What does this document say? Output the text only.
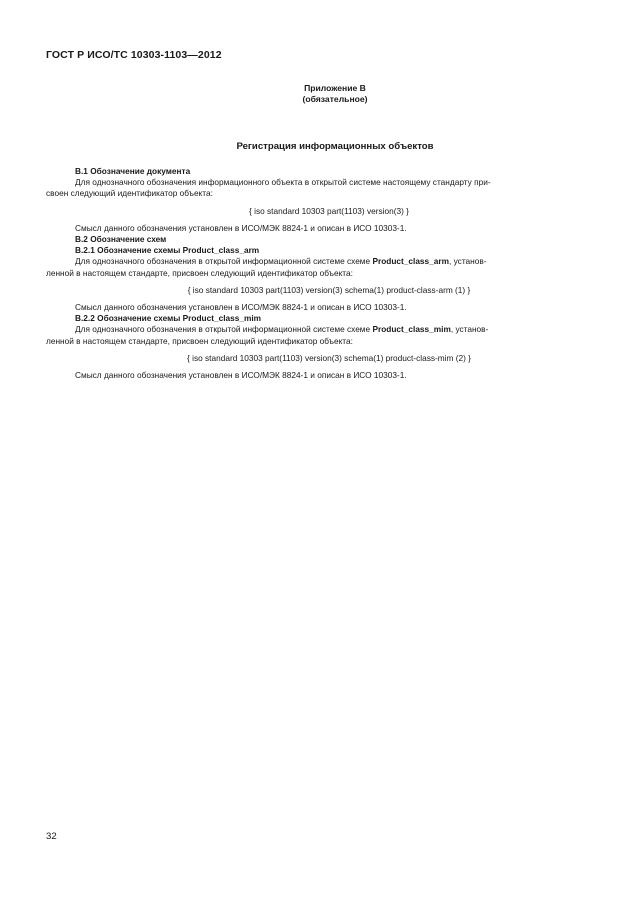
ГОСТ Р ИСО/ТС 10303-1103—2012
Приложение B
(обязательное)
Регистрация информационных объектов
B.1 Обозначение документа
Для однозначного обозначения информационного объекта в открытой системе настоящему стандарту при-
своен следующий идентификатор объекта:
{ iso standard 10303 part(1103) version(3) }
Смысл данного обозначения установлен в ИСО/МЭК 8824-1 и описан в ИСО 10303-1.
B.2 Обозначение схем
B.2.1 Обозначение схемы Product_class_arm
Для однозначного обозначения в открытой информационной системе схеме Product_class_arm, установ-
ленной в настоящем стандарте, присвоен следующий идентификатор объекта:
{ iso standard 10303 part(1103) version(3) schema(1) product-class-arm (1) }
Смысл данного обозначения установлен в ИСО/МЭК 8824-1 и описан в ИСО 10303-1.
B.2.2 Обозначение схемы Product_class_mim
Для однозначного обозначения в открытой информационной системе схеме Product_class_mim, установ-
ленной в настоящем стандарте, присвоен следующий идентификатор объекта:
{ iso standard 10303 part(1103) version(3) schema(1) product-class-mim (2) }
Смысл данного обозначения установлен в ИСО/МЭК 8824-1 и описан в ИСО 10303-1.
32
